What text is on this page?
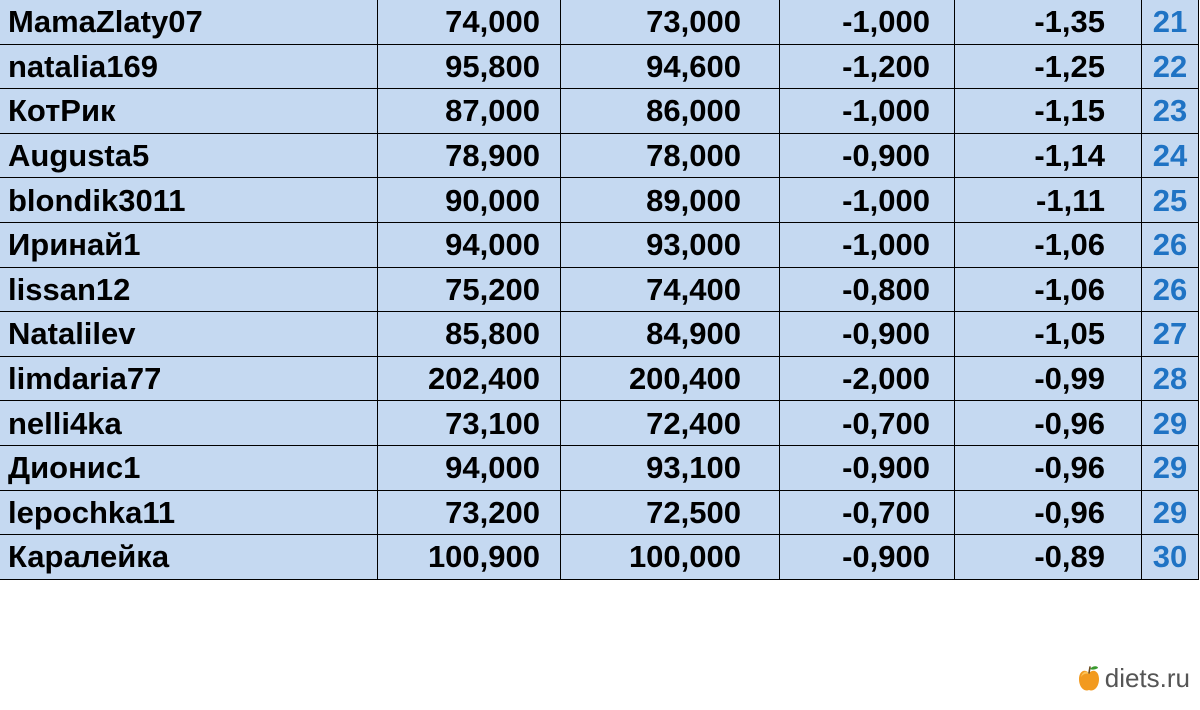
MamaZlaty07	74,000	73,000	-1,000	-1,35	21
natalia169	95,800	94,600	-1,200	-1,25	22
КотРик	87,000	86,000	-1,000	-1,15	23
Augusta5	78,900	78,000	-0,900	-1,14	24
blondik3011	90,000	89,000	-1,000	-1,11	25
Иринай1	94,000	93,000	-1,000	-1,06	26
lissan12	75,200	74,400	-0,800	-1,06	26
Natalilev	85,800	84,900	-0,900	-1,05	27
limdaria77	202,400	200,400	-2,000	-0,99	28
nelli4ka	73,100	72,400	-0,700	-0,96	29
Дионис1	94,000	93,100	-0,900	-0,96	29
lepochka11	73,200	72,500	-0,700	-0,96	29
Каралейка	100,900	100,000	-0,900	-0,89	30
diets.ru
